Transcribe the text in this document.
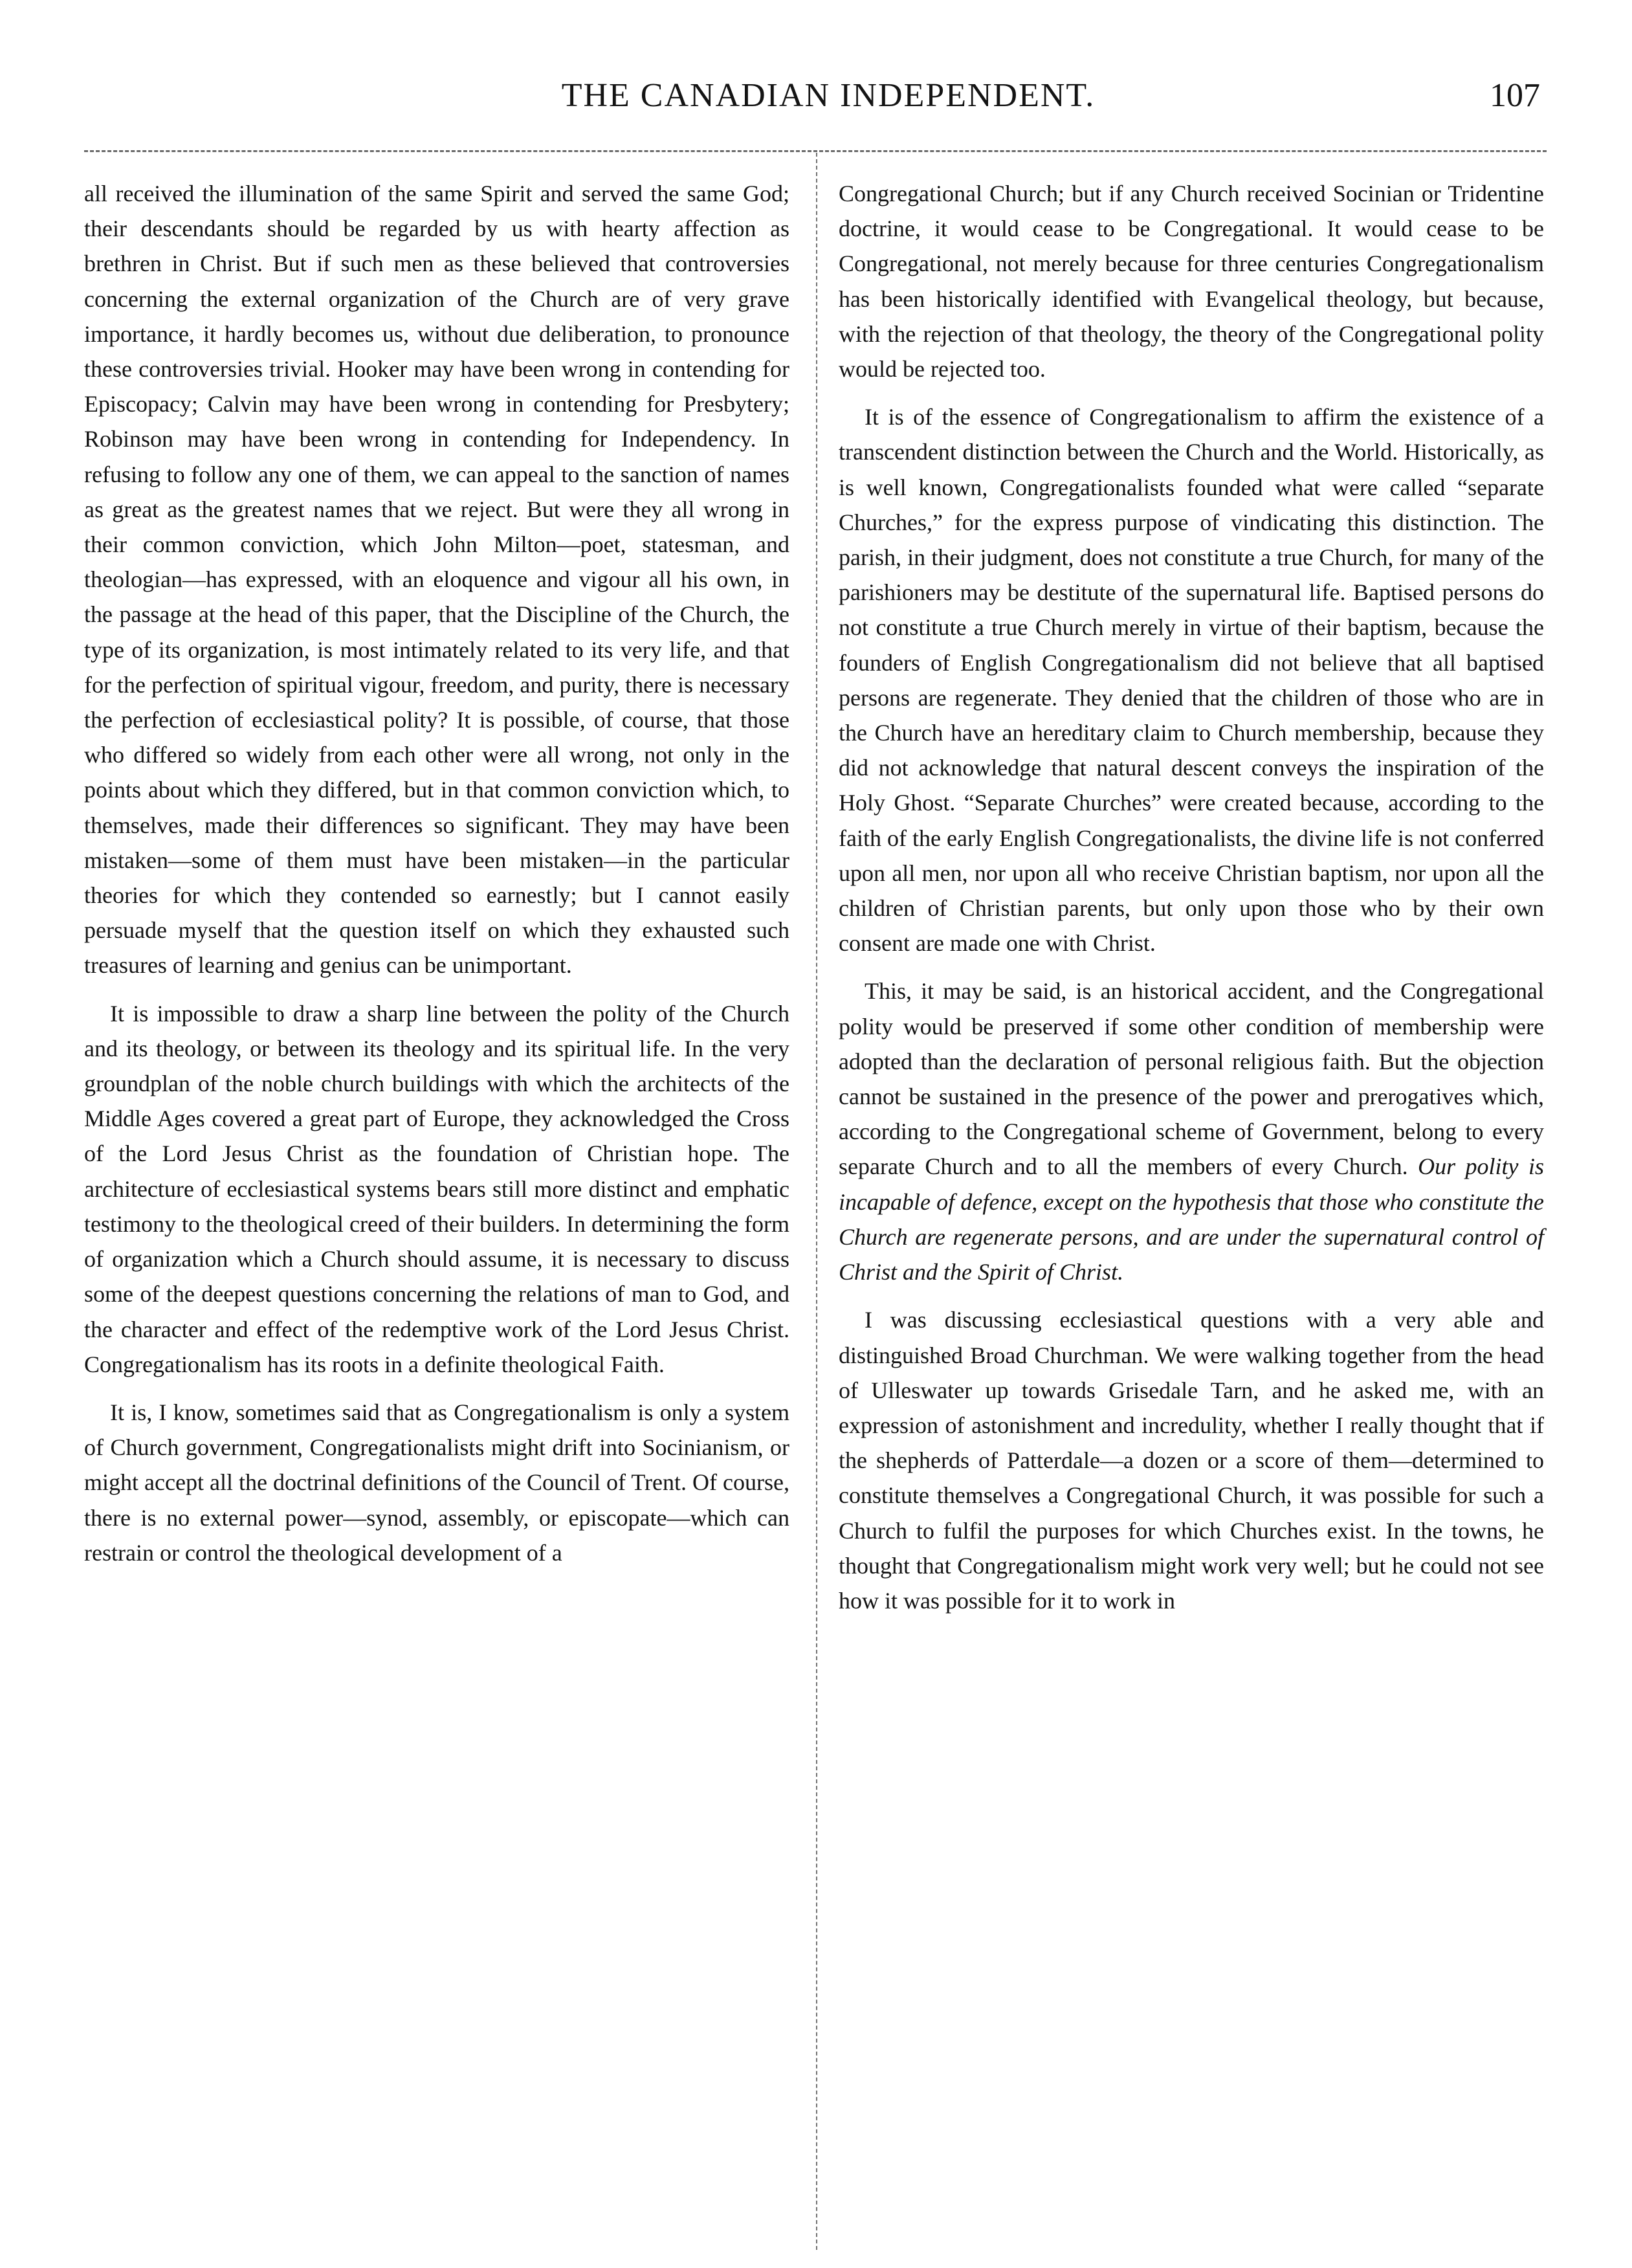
THE CANADIAN INDEPENDENT.	107

all received the illumination of the same Spirit and served the same God; their descendants should be regarded by us with hearty affection as brethren in Christ. But if such men as these believed that controversies concerning the external organization of the Church are of very grave importance, it hardly becomes us, without due deliberation, to pronounce these controversies trivial. Hooker may have been wrong in contending for Episcopacy; Calvin may have been wrong in contending for Presbytery; Robinson may have been wrong in contending for Independency. In refusing to follow any one of them, we can appeal to the sanction of names as great as the greatest names that we reject. But were they all wrong in their common conviction, which John Milton—poet, statesman, and theologian—has expressed, with an eloquence and vigour all his own, in the passage at the head of this paper, that the Discipline of the Church, the type of its organization, is most intimately related to its very life, and that for the perfection of spiritual vigour, freedom, and purity, there is necessary the perfection of ecclesiastical polity? It is possible, of course, that those who differed so widely from each other were all wrong, not only in the points about which they differed, but in that common conviction which, to themselves, made their differences so significant. They may have been mistaken—some of them must have been mistaken—in the particular theories for which they contended so earnestly; but I cannot easily persuade myself that the question itself on which they exhausted such treasures of learning and genius can be unimportant.

It is impossible to draw a sharp line between the polity of the Church and its theology, or between its theology and its spiritual life. In the very groundplan of the noble church buildings with which the architects of the Middle Ages covered a great part of Europe, they acknowledged the Cross of the Lord Jesus Christ as the foundation of Christian hope. The architecture of ecclesiastical systems bears still more distinct and emphatic testimony to the theological creed of their builders. In determining the form of organization which a Church should assume, it is necessary to discuss some of the deepest questions concerning the relations of man to God, and the character and effect of the redemptive work of the Lord Jesus Christ. Congregationalism has its roots in a definite theological Faith.

It is, I know, sometimes said that as Congregationalism is only a system of Church government, Congregationalists might drift into Socinianism, or might accept all the doctrinal definitions of the Council of Trent. Of course, there is no external power—synod, assembly, or episcopate—which can restrain or control the theological development of a

Congregational Church; but if any Church received Socinian or Tridentine doctrine, it would cease to be Congregational. It would cease to be Congregational, not merely because for three centuries Congregationalism has been historically identified with Evangelical theology, but because, with the rejection of that theology, the theory of the Congregational polity would be rejected too.

It is of the essence of Congregationalism to affirm the existence of a transcendent distinction between the Church and the World. Historically, as is well known, Congregationalists founded what were called “separate Churches,” for the express purpose of vindicating this distinction. The parish, in their judgment, does not constitute a true Church, for many of the parishioners may be destitute of the supernatural life. Baptised persons do not constitute a true Church merely in virtue of their baptism, because the founders of English Congregationalism did not believe that all baptised persons are regenerate. They denied that the children of those who are in the Church have an hereditary claim to Church membership, because they did not acknowledge that natural descent conveys the inspiration of the Holy Ghost. “Separate Churches” were created because, according to the faith of the early English Congregationalists, the divine life is not conferred upon all men, nor upon all who receive Christian baptism, nor upon all the children of Christian parents, but only upon those who by their own consent are made one with Christ.

This, it may be said, is an historical accident, and the Congregational polity would be preserved if some other condition of membership were adopted than the declaration of personal religious faith. But the objection cannot be sustained in the presence of the power and prerogatives which, according to the Congregational scheme of Government, belong to every separate Church and to all the members of every Church. Our polity is incapable of defence, except on the hypothesis that those who constitute the Church are regenerate persons, and are under the supernatural control of Christ and the Spirit of Christ.

I was discussing ecclesiastical questions with a very able and distinguished Broad Churchman. We were walking together from the head of Ulleswater up towards Grisedale Tarn, and he asked me, with an expression of astonishment and incredulity, whether I really thought that if the shepherds of Patterdale—a dozen or a score of them—determined to constitute themselves a Congregational Church, it was possible for such a Church to fulfil the purposes for which Churches exist. In the towns, he thought that Congregationalism might work very well; but he could not see how it was possible for it to work in
